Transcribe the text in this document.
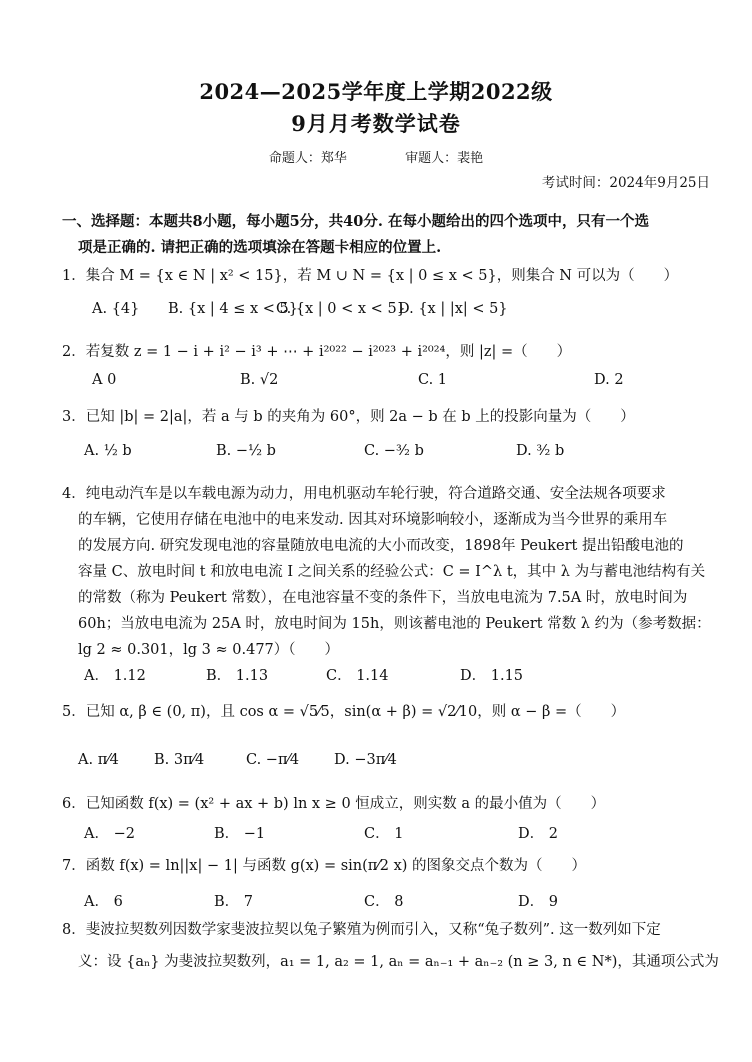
2024—2025学年度上学期2022级
9月月考数学试卷
命题人：郑华	审题人：裴艳
考试时间：2024年9月25日
一、选择题：本题共8小题，每小题5分，共40分. 在每小题给出的四个选项中，只有一个选
项是正确的. 请把正确的选项填涂在答题卡相应的位置上.
1．集合 M = {x ∈ N | x² < 15}，若 M ∪ N = {x | 0 ≤ x < 5}，则集合 N 可以为（　　）
A. {4} B. {x | 4 ≤ x < 5}
C. {x | 0 < x < 5}
D. {x | |x| < 5}
2．若复数 z = 1 − i + i² − i³ + ⋯ + i²⁰²² − i²⁰²³ + i²⁰²⁴，则 |z| =（　　）
A 0	B. √2	C. 1	D. 2
3．已知 |b| = 2|a|，若 a 与 b 的夹角为 60°，则 2a − b 在 b 上的投影向量为（　　）
A. ½ b	B. −½ b	C. −³⁄₂ b	D. ³⁄₂ b
4．纯电动汽车是以车载电源为动力，用电机驱动车轮行驶，符合道路交通、安全法规各项要求
的车辆，它使用存储在电池中的电来发动. 因其对环境影响较小，逐渐成为当今世界的乘用车
的发展方向. 研究发现电池的容量随放电电流的大小而改变，1898年 Peukert 提出铅酸电池的
容量 C、放电时间 t 和放电电流 I 之间关系的经验公式：C = I^λ t，其中 λ 为与蓄电池结构有关
的常数（称为 Peukert 常数），在电池容量不变的条件下，当放电电流为 7.5A 时，放电时间为
60h；当放电电流为 25A 时，放电时间为 15h，则该蓄电池的 Peukert 常数 λ 约为（参考数据：
lg 2 ≈ 0.301，lg 3 ≈ 0.477）（　　）
A． 1.12	B． 1.13	C． 1.14	D． 1.15
5．已知 α, β ∈ (0, π)，且 cos α = √5⁄5，sin(α + β) = √2⁄10，则 α − β =（　　）
A. π⁄4 B. 3π⁄4	C. −π⁄4 D. −3π⁄4
6．已知函数 f(x) = (x² + ax + b) ln x ≥ 0 恒成立，则实数 a 的最小值为（　　）
A． −2	B． −1	C． 1	D． 2
7．函数 f(x) = ln||x| − 1| 与函数 g(x) = sin(π⁄2 x) 的图象交点个数为（　　）
A． 6	B． 7	C． 8	D． 9
8．斐波拉契数列因数学家斐波拉契以兔子繁殖为例而引入，又称“兔子数列”. 这一数列如下定
义：设 {aₙ} 为斐波拉契数列，a₁ = 1, a₂ = 1, aₙ = aₙ₋₁ + aₙ₋₂ (n ≥ 3, n ∈ N*)，其通项公式为
